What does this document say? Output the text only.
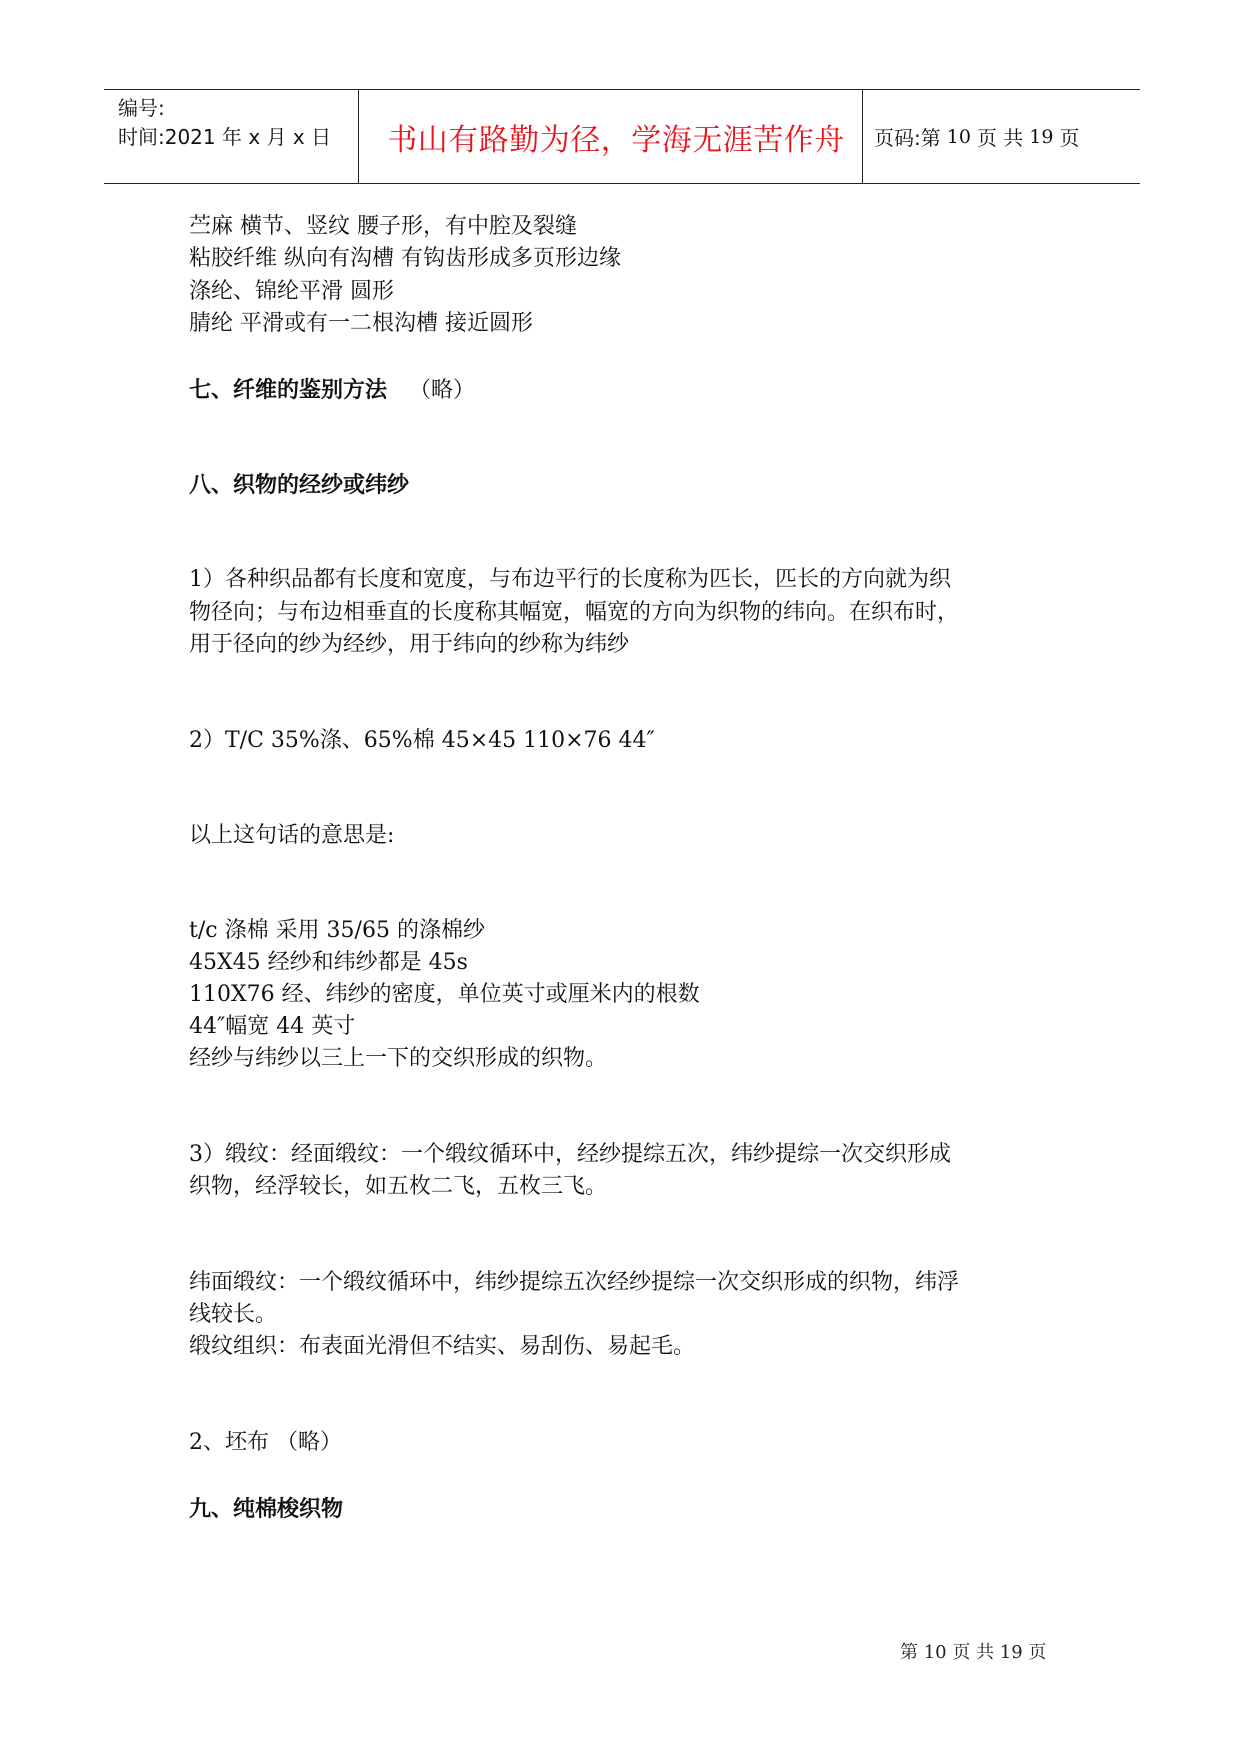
编号:
时间:2021 年 x 月 x 日	书山有路勤为径，学海无涯苦作舟	页码:第 10 页 共 19 页
苎麻 横节、竖纹 腰子形，有中腔及裂缝
粘胶纤维 纵向有沟槽 有钩齿形成多页形边缘
涤纶、锦纶平滑 圆形
腈纶 平滑或有一二根沟槽 接近圆形
七、纤维的鉴别方法 （略）
八、织物的经纱或纬纱
1）各种织品都有长度和宽度，与布边平行的长度称为匹长，匹长的方向就为织
物径向；与布边相垂直的长度称其幅宽，幅宽的方向为织物的纬向。在织布时，
用于径向的纱为经纱，用于纬向的纱称为纬纱
2）T/C 35%涤、65%棉 45×45 110×76 44″
以上这句话的意思是:
t/c 涤棉 采用 35/65 的涤棉纱
45X45 经纱和纬纱都是 45s
110X76 经、纬纱的密度，单位英寸或厘米内的根数
44″幅宽 44 英寸
经纱与纬纱以三上一下的交织形成的织物。
3）缎纹：经面缎纹：一个缎纹循环中，经纱提综五次，纬纱提综一次交织形成
织物，经浮较长，如五枚二飞，五枚三飞。
纬面缎纹：一个缎纹循环中，纬纱提综五次经纱提综一次交织形成的织物，纬浮
线较长。
缎纹组织：布表面光滑但不结实、易刮伤、易起毛。
2、坯布 （略）
九、纯棉梭织物
第 10 页 共 19 页
